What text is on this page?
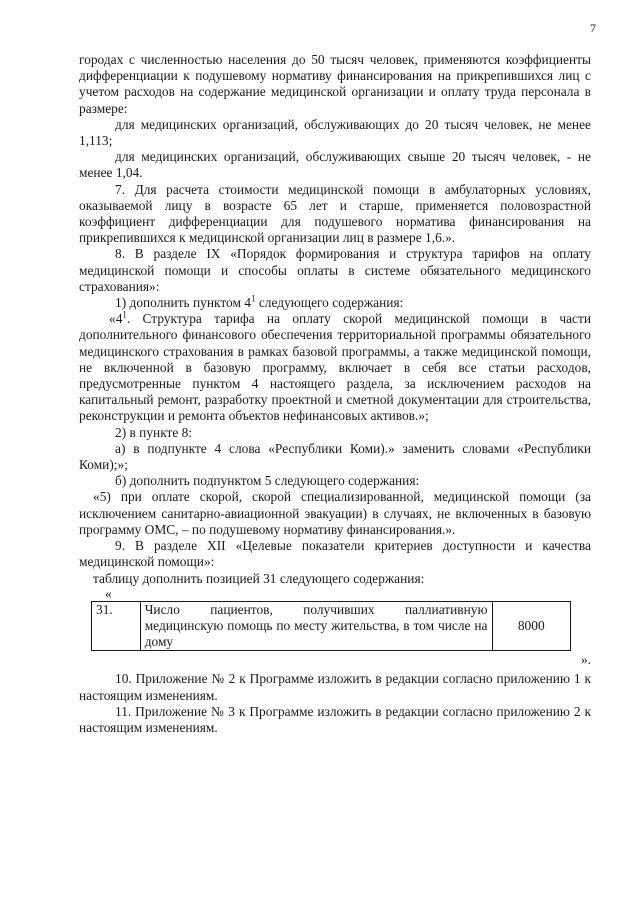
7

городах с численностью населения до 50 тысяч человек, применяются коэффициенты дифференциации к подушевому нормативу финансирования на прикрепившихся лиц с учетом расходов на содержание медицинской организации и оплату труда персонала в размере:

для медицинских организаций, обслуживающих до 20 тысяч человек, не менее 1,113;

для медицинских организаций, обслуживающих свыше 20 тысяч человек, - не менее 1,04.

7. Для расчета стоимости медицинской помощи в амбулаторных условиях, оказываемой лицу в возрасте 65 лет и старше, применяется половозрастной коэффициент дифференциации для подушевого норматива финансирования на прикрепившихся к медицинской организации лиц в размере 1,6.».

8. В разделе IX «Порядок формирования и структура тарифов на оплату медицинской помощи и способы оплаты в системе обязательного медицинского страхования»:

1) дополнить пунктом $4^1$ следующего содержания:

«$4^1$. Структура тарифа на оплату скорой медицинской помощи в части дополнительного финансового обеспечения территориальной программы обязательного медицинского страхования в рамках базовой программы, а также медицинской помощи, не включенной в базовую программу, включает в себя все статьи расходов, предусмотренные пунктом 4 настоящего раздела, за исключением расходов на капитальный ремонт, разработку проектной и сметной документации для строительства, реконструкции и ремонта объектов нефинансовых активов.»;

2) в пункте 8:

а) в подпункте 4 слова «Республики Коми).» заменить словами «Республики Коми);»;

б) дополнить подпунктом 5 следующего содержания:

«5) при оплате скорой, скорой специализированной, медицинской помощи (за исключением санитарно-авиационной эвакуации) в случаях, не включенных в базовую программу ОМС, – по подушевому нормативу финансирования.».

9. В разделе XII «Целевые показатели критериев доступности и качества медицинской помощи»:

таблицу дополнить позицией 31 следующего содержания:

«

31.	Число пациентов, получивших паллиативную медицинскую помощь по месту жительства, в том числе на дому	8000

».

10. Приложение № 2 к Программе изложить в редакции согласно приложению 1 к настоящим изменениям.

11. Приложение № 3 к Программе изложить в редакции согласно приложению 2 к настоящим изменениям.
